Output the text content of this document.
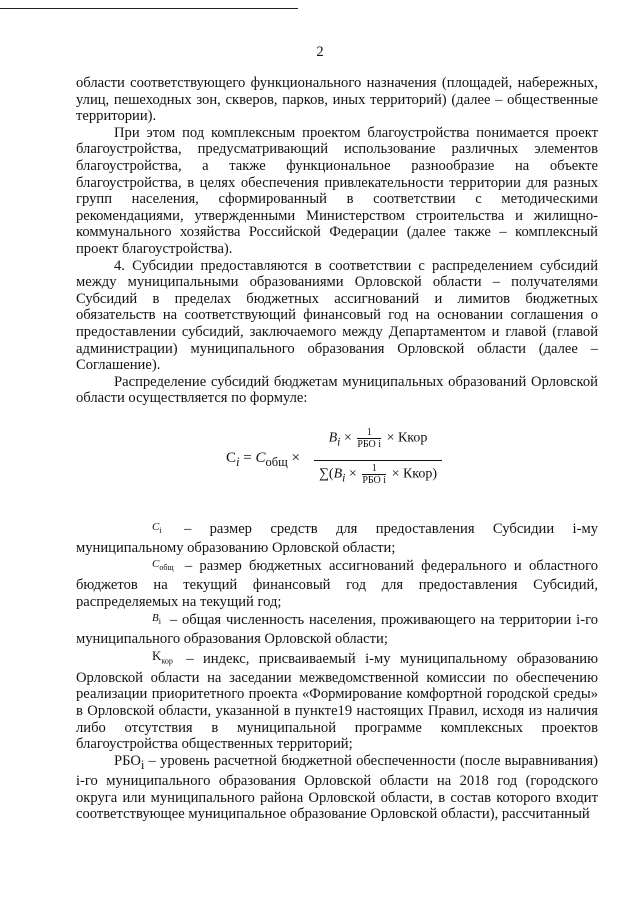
2

области соответствующего функционального назначения (площадей, набережных, улиц, пешеходных зон, скверов, парков, иных территорий) (далее – общественные территории).

При этом под комплексным проектом благоустройства понимается проект благоустройства, предусматривающий использование различных элементов благоустройства, а также функциональное разнообразие на объекте благоустройства, в целях обеспечения привлекательности территории для разных групп населения, сформированный в соответствии с методическими рекомендациями, утвержденными Министерством строительства и жилищно-коммунального хозяйства Российской Федерации (далее также – комплексный проект благоустройства).

4. Субсидии предоставляются в соответствии с распределением субсидий между муниципальными образованиями Орловской области – получателями Субсидий в пределах бюджетных ассигнований и лимитов бюджетных обязательств на соответствующий финансовый год на основании соглашения о предоставлении субсидий, заключаемого между Департаментом и главой (главой администрации) муниципального образования Орловской области (далее – Соглашение).

Распределение субсидий бюджетам муниципальных образований Орловской области осуществляется по формуле:

$C_i = C_{общ}$ ×
$B_i \times \frac{1}{\text{РБО i}}$ × Ккор
$\sum(B_i \times \frac{1}{\text{РБО i}}$ × Ккор)

$C_i$ – размер средств для предоставления Субсидии i-му муниципальному образованию Орловской области;

$C_{общ}$ – размер бюджетных ассигнований федерального и областного бюджетов на текущий финансовый год для предоставления Субсидий, распределяемых на текущий год;

$B_i$ – общая численность населения, проживающего на территории i-го муниципального образования Орловской области;

$K_{кор}$ – индекс, присваиваемый i-му муниципальному образованию Орловской области на заседании межведомственной комиссии по обеспечению реализации приоритетного проекта «Формирование комфортной городской среды» в Орловской области, указанной в пункте19 настоящих Правил, исходя из наличия либо отсутствия в муниципальной программе комплексных проектов благоустройства общественных территорий;

$РБО_i$ – уровень расчетной бюджетной обеспеченности (после выравнивания) i-го муниципального образования Орловской области на 2018 год (городского округа или муниципального района Орловской области, в состав которого входит соответствующее муниципальное образование Орловской области), рассчитанный
